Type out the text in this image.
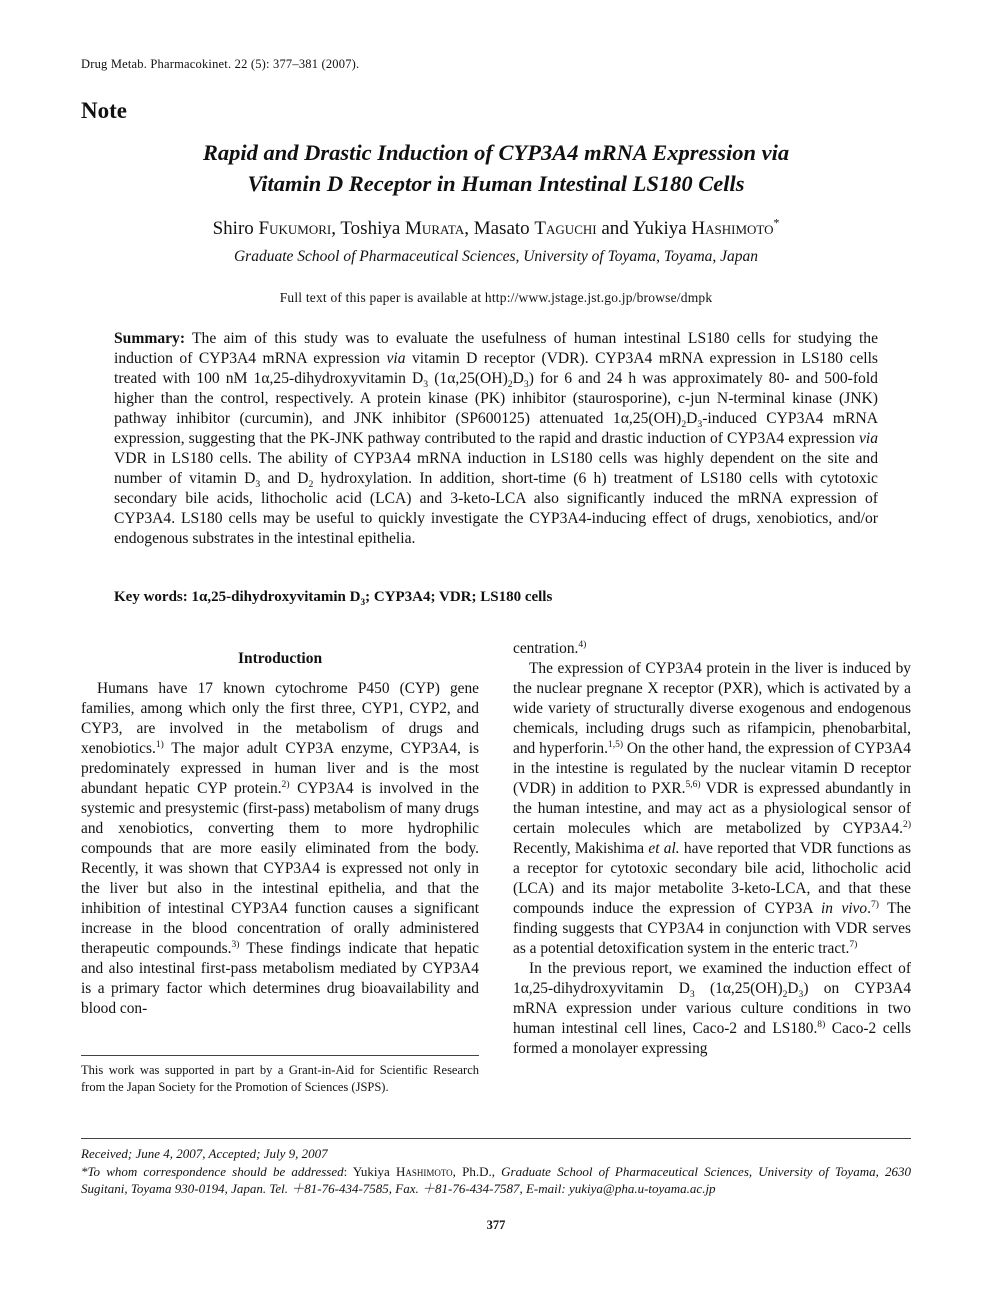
Drug Metab. Pharmacokinet. 22 (5): 377–381 (2007).
Note
Rapid and Drastic Induction of CYP3A4 mRNA Expression via
Vitamin D Receptor in Human Intestinal LS180 Cells
Shiro Fukumori, Toshiya Murata, Masato Taguchi and Yukiya Hashimoto*
Graduate School of Pharmaceutical Sciences, University of Toyama, Toyama, Japan
Full text of this paper is available at http://www.jstage.jst.go.jp/browse/dmpk
Summary: The aim of this study was to evaluate the usefulness of human intestinal LS180 cells for studying the induction of CYP3A4 mRNA expression via vitamin D receptor (VDR). CYP3A4 mRNA expression in LS180 cells treated with 100 nM 1α,25-dihydroxyvitamin $D_3$ $(1\alpha,25(OH)_2D_3)$ for 6 and 24 h was approximately 80- and 500-fold higher than the control, respectively. A protein kinase (PK) inhibitor (staurosporine), c-jun N-terminal kinase (JNK) pathway inhibitor (curcumin), and JNK inhibitor (SP600125) attenuated $1\alpha,25(OH)_2D_3$-induced CYP3A4 mRNA expression, suggesting that the PK-JNK pathway contributed to the rapid and drastic induction of CYP3A4 expression via VDR in LS180 cells. The ability of CYP3A4 mRNA induction in LS180 cells was highly dependent on the site and number of vitamin $D_3$ and $D_2$ hydroxylation. In addition, short-time (6 h) treatment of LS180 cells with cytotoxic secondary bile acids, lithocholic acid (LCA) and 3-keto-LCA also significantly induced the mRNA expression of CYP3A4. LS180 cells may be useful to quickly investigate the CYP3A4-inducing effect of drugs, xenobiotics, and/or endogenous substrates in the intestinal epithelia.
Key words: 1α,25-dihydroxyvitamin $D_3$; CYP3A4; VDR; LS180 cells
Introduction

Humans have 17 known cytochrome P450 (CYP) gene families, among which only the first three, CYP1, CYP2, and CYP3, are involved in the metabolism of drugs and xenobiotics.$^{1)}$ The major adult CYP3A enzyme, CYP3A4, is predominately expressed in human liver and is the most abundant hepatic CYP protein.$^{2)}$ CYP3A4 is involved in the systemic and presystemic (first-pass) metabolism of many drugs and xenobiotics, converting them to more hydrophilic compounds that are more easily eliminated from the body. Recently, it was shown that CYP3A4 is expressed not only in the liver but also in the intestinal epithelia, and that the inhibition of intestinal CYP3A4 function causes a significant increase in the blood concentration of orally administered therapeutic compounds.$^{3)}$ These findings indicate that hepatic and also intestinal first-pass metabolism mediated by CYP3A4 is a primary factor which determines drug bioavailability and blood con-

centration.$^{4)}$

The expression of CYP3A4 protein in the liver is induced by the nuclear pregnane X receptor (PXR), which is activated by a wide variety of structurally diverse exogenous and endogenous chemicals, including drugs such as rifampicin, phenobarbital, and hyperforin.$^{1,5)}$ On the other hand, the expression of CYP3A4 in the intestine is regulated by the nuclear vitamin D receptor (VDR) in addition to PXR.$^{5,6)}$ VDR is expressed abundantly in the human intestine, and may act as a physiological sensor of certain molecules which are metabolized by CYP3A4.$^{2)}$ Recently, Makishima et al. have reported that VDR functions as a receptor for cytotoxic secondary bile acid, lithocholic acid (LCA) and its major metabolite 3-keto-LCA, and that these compounds induce the expression of CYP3A in vivo.$^{7)}$ The finding suggests that CYP3A4 in conjunction with VDR serves as a potential detoxification system in the enteric tract.$^{7)}$

In the previous report, we examined the induction effect of 1α,25-dihydroxyvitamin $D_3$ $(1\alpha,25(OH)_2D_3)$ on CYP3A4 mRNA expression under various culture conditions in two human intestinal cell lines, Caco-2 and LS180.$^{8)}$ Caco-2 cells formed a monolayer expressing

This work was supported in part by a Grant-in-Aid for Scientific Research from the Japan Society for the Promotion of Sciences (JSPS).
Received; June 4, 2007, Accepted; July 9, 2007
*To whom correspondence should be addressed: Yukiya Hashimoto, Ph.D., Graduate School of Pharmaceutical Sciences, University of Toyama, 2630 Sugitani, Toyama 930-0194, Japan. Tel. ＋81-76-434-7585, Fax. ＋81-76-434-7587, E-mail: yukiya@pha.u-toyama.ac.jp
377
